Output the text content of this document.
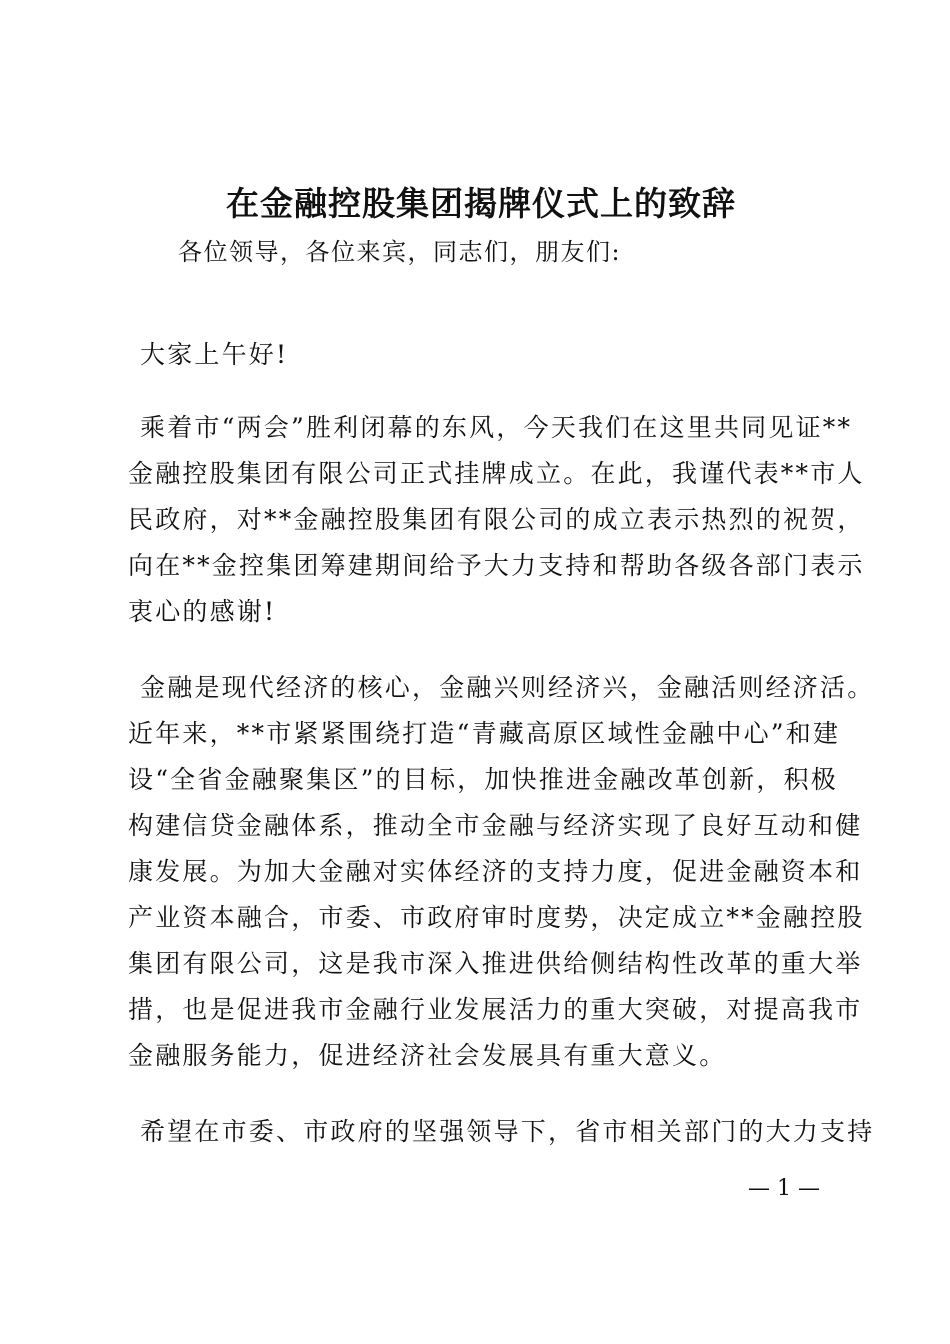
在金融控股集团揭牌仪式上的致辞
各位领导，各位来宾，同志们，朋友们:
大家上午好!
乘着市“两会”胜利闭幕的东风，今天我们在这里共同见证**
金融控股集团有限公司正式挂牌成立。在此，我谨代表**市人
民政府，对**金融控股集团有限公司的成立表示热烈的祝贺，
向在**金控集团筹建期间给予大力支持和帮助各级各部门表示
衷心的感谢!
金融是现代经济的核心，金融兴则经济兴，金融活则经济活。
近年来，**市紧紧围绕打造“青藏高原区域性金融中心”和建
设“全省金融聚集区”的目标，加快推进金融改革创新，积极
构建信贷金融体系，推动全市金融与经济实现了良好互动和健
康发展。为加大金融对实体经济的支持力度，促进金融资本和
产业资本融合，市委、市政府审时度势，决定成立**金融控股
集团有限公司，这是我市深入推进供给侧结构性改革的重大举
措，也是促进我市金融行业发展活力的重大突破，对提高我市
金融服务能力，促进经济社会发展具有重大意义。
希望在市委、市政府的坚强领导下，省市相关部门的大力支持
— 1 —
